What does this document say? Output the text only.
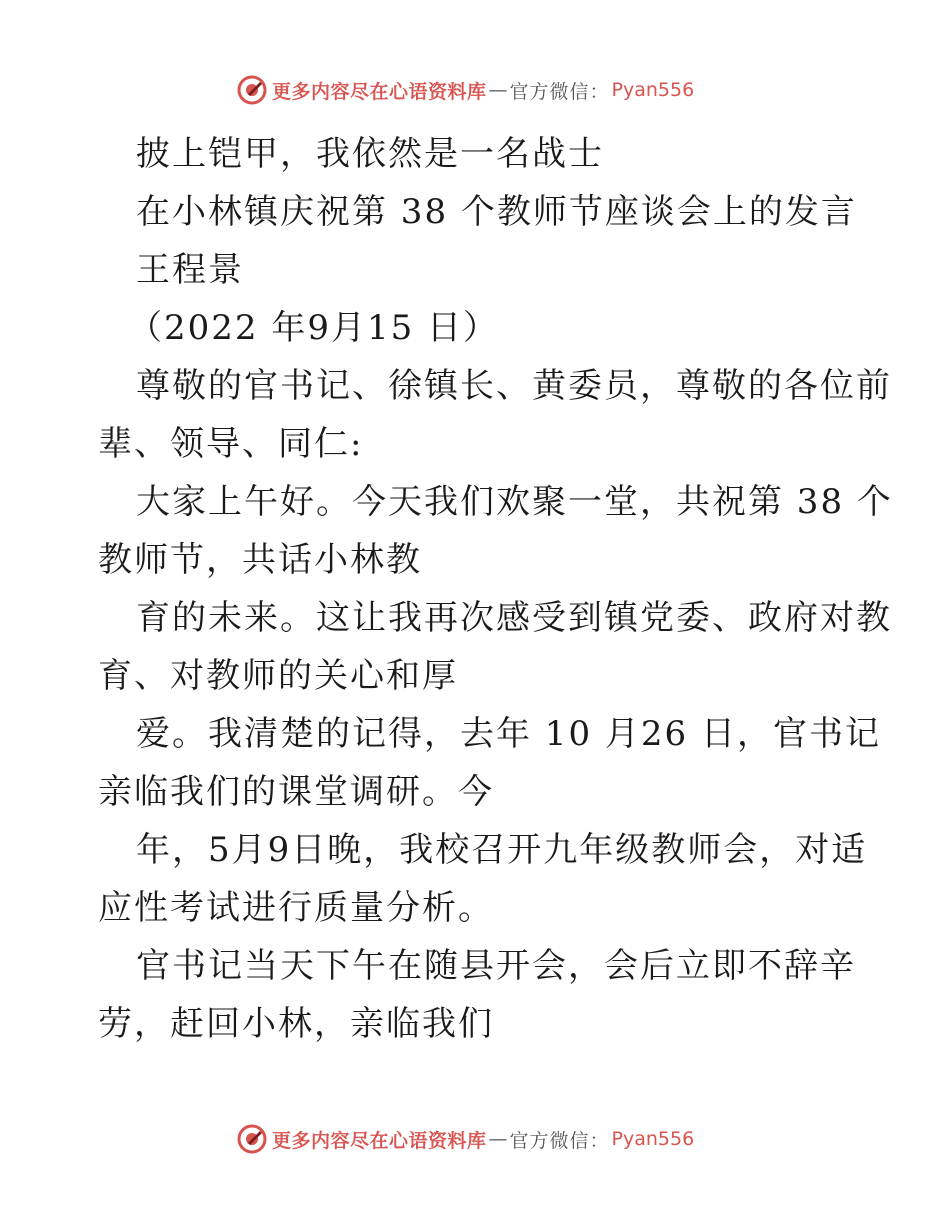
更多内容尽在心语资料库 — 官方微信： Pyan556
披上铠甲，我依然是一名战士
在小林镇庆祝第 38 个教师节座谈会上的发言
王程景
（2022 年9月15 日）
尊敬的官书记、徐镇长、黄委员，尊敬的各位前
辈、领导、同仁:
大家上午好。今天我们欢聚一堂，共祝第 38 个
教师节，共话小林教
育的未来。这让我再次感受到镇党委、政府对教
育、对教师的关心和厚
爱。我清楚的记得，去年 10 月26 日，官书记
亲临我们的课堂调研。今
年，5月9日晚，我校召开九年级教师会，对适
应性考试进行质量分析。
官书记当天下午在随县开会，会后立即不辞辛
劳，赶回小林，亲临我们
更多内容尽在心语资料库 — 官方微信： Pyan556
